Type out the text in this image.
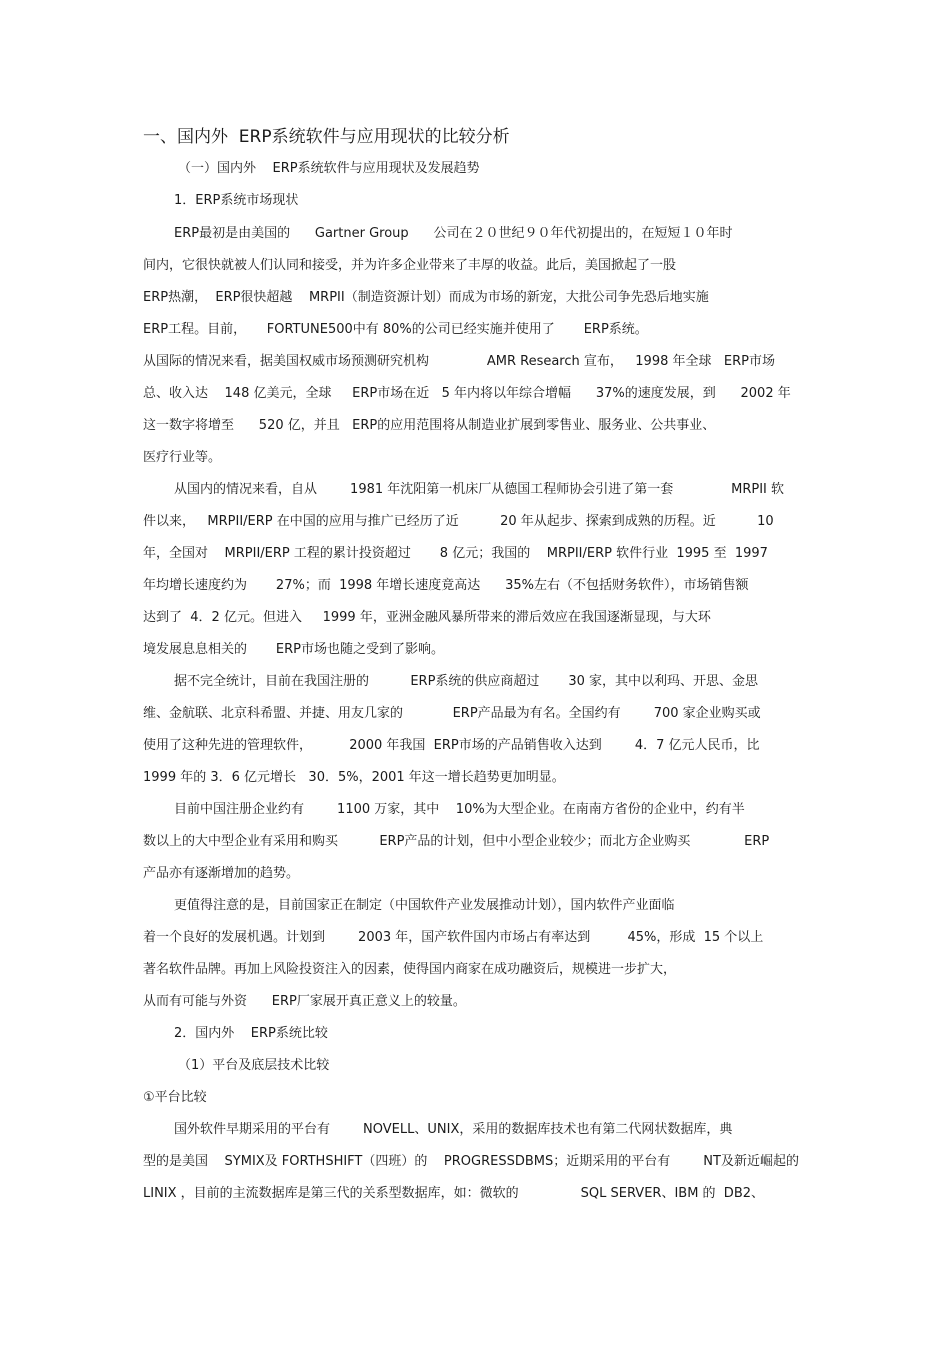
一、国内外  ERP系统软件与应用现状的比较分析
（一）国内外    ERP系统软件与应用现状及发展趋势
1．ERP系统市场现状
ERP最初是由美国的      Gartner Group      公司在２０世纪９０年代初提出的，在短短１０年时
间内，它很快就被人们认同和接受，并为许多企业带来了丰厚的收益。此后，美国掀起了一股
ERP热潮，  ERP很快超越    MRPII（制造资源计划）而成为市场的新宠，大批公司争先恐后地实施
ERP工程。目前，     FORTUNE500中有 80%的公司已经实施并使用了       ERP系统。
从国际的情况来看，据美国权威市场预测研究机构              AMR Research 宣布，   1998 年全球   ERP市场
总、收入达    148 亿美元，全球     ERP市场在近   5 年内将以年综合增幅      37%的速度发展，到      2002 年
这一数字将增至      520 亿，并且   ERP的应用范围将从制造业扩展到零售业、服务业、公共事业、
医疗行业等。
从国内的情况来看，自从        1981 年沈阳第一机床厂从德国工程师协会引进了第一套              MRPII 软
件以来，   MRPII/ERP 在中国的应用与推广已经历了近          20 年从起步、探索到成熟的历程。近          10
年，全国对    MRPII/ERP 工程的累计投资超过       8 亿元；我国的    MRPII/ERP 软件行业  1995 至  1997
年均增长速度约为       27%；而  1998 年增长速度竟高达      35%左右（不包括财务软件），市场销售额
达到了  4．2 亿元。但进入     1999 年，亚洲金融风暴所带来的滞后效应在我国逐渐显现，与大环
境发展息息相关的       ERP市场也随之受到了影响。
据不完全统计，目前在我国注册的          ERP系统的供应商超过       30 家，其中以利玛、开思、金思
维、金航联、北京科希盟、并捷、用友几家的            ERP产品最为有名。全国约有        700 家企业购买或
使用了这种先进的管理软件，         2000 年我国  ERP市场的产品销售收入达到        4．7 亿元人民币，比
1999 年的 3．6 亿元增长   30．5%，2001 年这一增长趋势更加明显。
目前中国注册企业约有        1100 万家，其中    10%为大型企业。在南南方省份的企业中，约有半
数以上的大中型企业有采用和购买          ERP产品的计划，但中小型企业较少；而北方企业购买             ERP
产品亦有逐渐增加的趋势。
更值得注意的是，目前国家正在制定（中国软件产业发展推动计划），国内软件产业面临
着一个良好的发展机遇。计划到        2003 年，国产软件国内市场占有率达到         45%，形成  15 个以上
著名软件品牌。再加上风险投资注入的因素，使得国内商家在成功融资后，规模进一步扩大，
从而有可能与外资      ERP厂家展开真正意义上的较量。
2．国内外    ERP系统比较
（1）平台及底层技术比较
①平台比较
国外软件早期采用的平台有        NOVELL、UNIX，采用的数据库技术也有第二代网状数据库，典
型的是美国    SYMIX及 FORTHSHIFT（四班）的    PROGRESSDBMS；近期采用的平台有        NT及新近崛起的
LINIX ，目前的主流数据库是第三代的关系型数据库，如：微软的               SQL SERVER、IBM 的  DB2、
